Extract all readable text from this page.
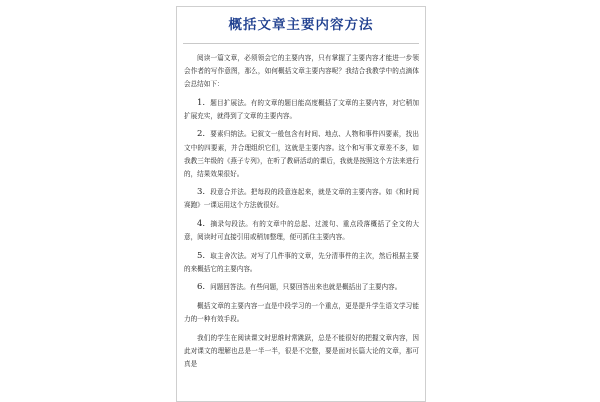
概括文章主要内容方法

阅读一篇文章，必须领会它的主要内容，只有掌握了主要内容才能进一步领会作者的写作意图，那么，如何概括文章主要内容呢？我结合我教学中的点滴体会总结如下：

1. 题目扩展法。有的文章的题目能高度概括了文章的主要内容，对它稍加扩展充实，就得到了文章的主要内容。

2. 要素归纳法。记叙文一般包含有时间、地点、人物和事件四要素，找出文中的四要素，并合理组织它们，这就是主要内容。这个和写事文章差不多，如我教三年级的《燕子专列》，在听了教研活动的课后，我就是按照这个方法来进行的，结果效果很好。

3. 段意合并法。把每段的段意连起来，就是文章的主要内容。如《和时间赛跑》一课运用这个方法就很好。

4. 摘录句段法。有的文章中的总起、过渡句、重点段落概括了全文的大意，阅读时可直接引用或稍加整理，便可抓住主要内容。

5. 取主舍次法。对写了几件事的文章，先分清事件的主次，然后根据主要的来概括它的主要内容。

6. 问题回答法。有些问题，只要回答出来也就是概括出了主要内容。

概括文章的主要内容一直是中段学习的一个重点，更是提升学生语文学习能力的一种有效手段。

我们的学生在阅读课文时思维时常跳跃，总是不能很好的把握文章内容，因此对课文的理解也总是一半一半，很是不完整，要是面对长篇大论的文章，那可真是
